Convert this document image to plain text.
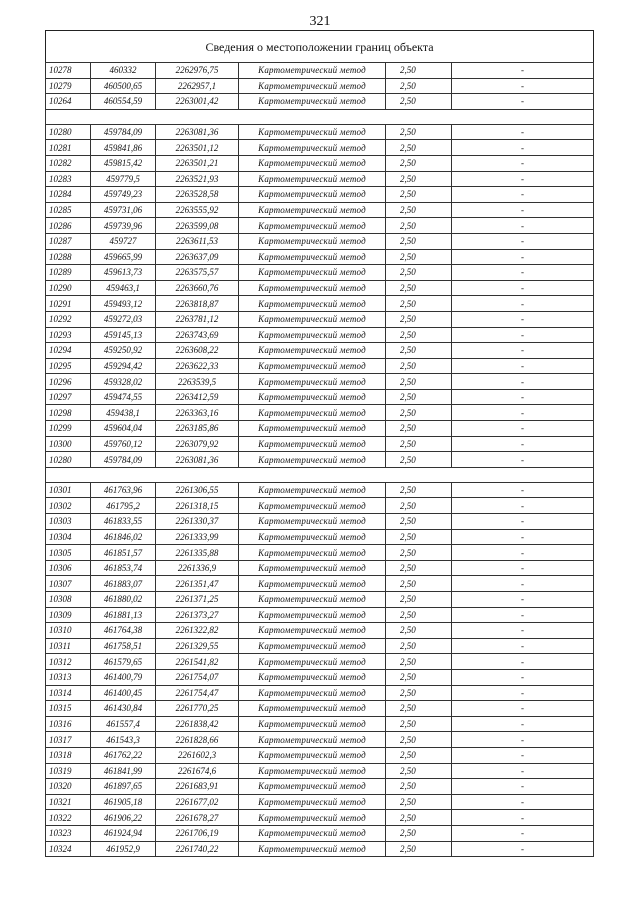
321
Сведения о местоположении границ объекта
10278	460332	2262976,75	Картометрический метод	2,50	-
10279	460500,65	2262957,1	Картометрический метод	2,50	-
10264	460554,59	2263001,42	Картометрический метод	2,50	-

10280	459784,09	2263081,36	Картометрический метод	2,50	-
10281	459841,86	2263501,12	Картометрический метод	2,50	-
10282	459815,42	2263501,21	Картометрический метод	2,50	-
10283	459779,5	2263521,93	Картометрический метод	2,50	-
10284	459749,23	2263528,58	Картометрический метод	2,50	-
10285	459731,06	2263555,92	Картометрический метод	2,50	-
10286	459739,96	2263599,08	Картометрический метод	2,50	-
10287	459727	2263611,53	Картометрический метод	2,50	-
10288	459665,99	2263637,09	Картометрический метод	2,50	-
10289	459613,73	2263575,57	Картометрический метод	2,50	-
10290	459463,1	2263660,76	Картометрический метод	2,50	-
10291	459493,12	2263818,87	Картометрический метод	2,50	-
10292	459272,03	2263781,12	Картометрический метод	2,50	-
10293	459145,13	2263743,69	Картометрический метод	2,50	-
10294	459250,92	2263608,22	Картометрический метод	2,50	-
10295	459294,42	2263622,33	Картометрический метод	2,50	-
10296	459328,02	2263539,5	Картометрический метод	2,50	-
10297	459474,55	2263412,59	Картометрический метод	2,50	-
10298	459438,1	2263363,16	Картометрический метод	2,50	-
10299	459604,04	2263185,86	Картометрический метод	2,50	-
10300	459760,12	2263079,92	Картометрический метод	2,50	-
10280	459784,09	2263081,36	Картометрический метод	2,50	-

10301	461763,96	2261306,55	Картометрический метод	2,50	-
10302	461795,2	2261318,15	Картометрический метод	2,50	-
10303	461833,55	2261330,37	Картометрический метод	2,50	-
10304	461846,02	2261333,99	Картометрический метод	2,50	-
10305	461851,57	2261335,88	Картометрический метод	2,50	-
10306	461853,74	2261336,9	Картометрический метод	2,50	-
10307	461883,07	2261351,47	Картометрический метод	2,50	-
10308	461880,02	2261371,25	Картометрический метод	2,50	-
10309	461881,13	2261373,27	Картометрический метод	2,50	-
10310	461764,38	2261322,82	Картометрический метод	2,50	-
10311	461758,51	2261329,55	Картометрический метод	2,50	-
10312	461579,65	2261541,82	Картометрический метод	2,50	-
10313	461400,79	2261754,07	Картометрический метод	2,50	-
10314	461400,45	2261754,47	Картометрический метод	2,50	-
10315	461430,84	2261770,25	Картометрический метод	2,50	-
10316	461557,4	2261838,42	Картометрический метод	2,50	-
10317	461543,3	2261828,66	Картометрический метод	2,50	-
10318	461762,22	2261602,3	Картометрический метод	2,50	-
10319	461841,99	2261674,6	Картометрический метод	2,50	-
10320	461897,65	2261683,91	Картометрический метод	2,50	-
10321	461905,18	2261677,02	Картометрический метод	2,50	-
10322	461906,22	2261678,27	Картометрический метод	2,50	-
10323	461924,94	2261706,19	Картометрический метод	2,50	-
10324	461952,9	2261740,22	Картометрический метод	2,50	-
